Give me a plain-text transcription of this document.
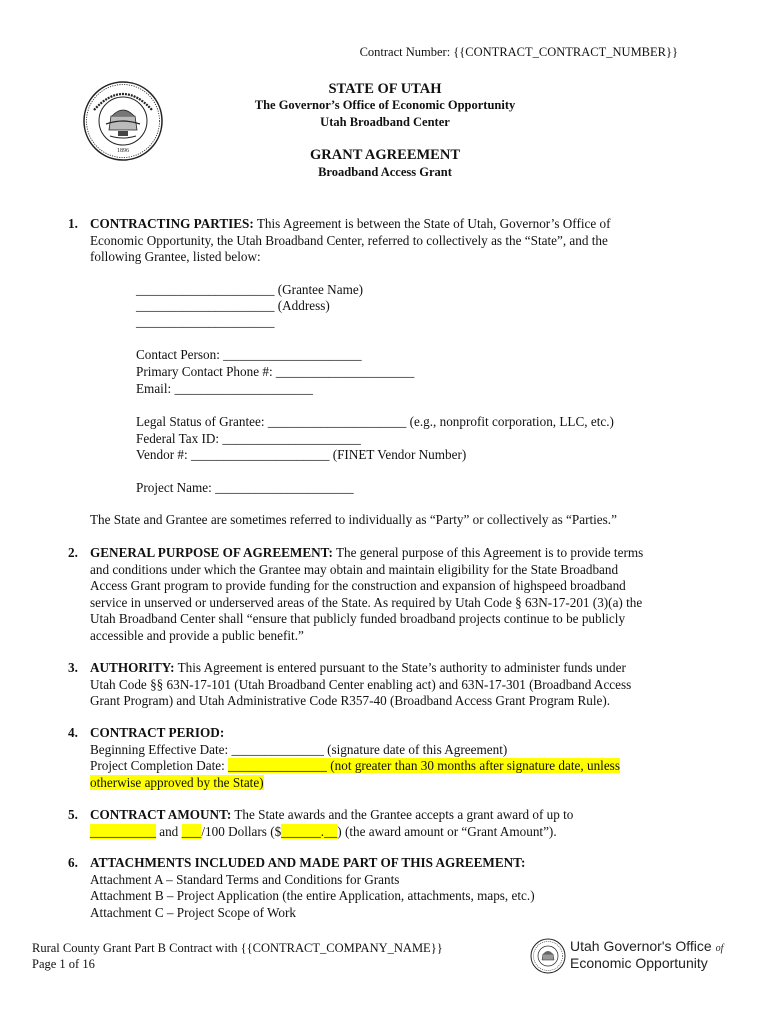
Contract Number: {{CONTRACT_CONTRACT_NUMBER}}
1896
STATE OF UTAH
The Governor’s Office of Economic Opportunity
Utah Broadband Center
GRANT AGREEMENT
Broadband Access Grant
1. CONTRACTING PARTIES: This Agreement is between the State of Utah, Governor’s Office of
Economic Opportunity, the Utah Broadband Center, referred to collectively as the “State”, and the
following Grantee, listed below:
_____________________ (Grantee Name)
_____________________ (Address)
_____________________
Contact Person: _____________________
Primary Contact Phone #: _____________________
Email: _____________________
Legal Status of Grantee: _____________________ (e.g., nonprofit corporation, LLC, etc.)
Federal Tax ID: _____________________
Vendor #: _____________________ (FINET Vendor Number)
Project Name: _____________________
The State and Grantee are sometimes referred to individually as “Party” or collectively as “Parties.”
2. GENERAL PURPOSE OF AGREEMENT: The general purpose of this Agreement is to provide terms
and conditions under which the Grantee may obtain and maintain eligibility for the State Broadband
Access Grant program to provide funding for the construction and expansion of highspeed broadband
service in unserved or underserved areas of the State. As required by Utah Code § 63N-17-201 (3)(a) the
Utah Broadband Center shall “ensure that publicly funded broadband projects continue to be publicly
accessible and provide a public benefit.”
3. AUTHORITY: This Agreement is entered pursuant to the State’s authority to administer funds under
Utah Code §§ 63N-17-101 (Utah Broadband Center enabling act) and 63N-17-301 (Broadband Access
Grant Program) and Utah Administrative Code R357-40 (Broadband Access Grant Program Rule).
4. CONTRACT PERIOD:
Beginning Effective Date: ______________ (signature date of this Agreement)
Project Completion Date: _______________ (not greater than 30 months after signature date, unless
otherwise approved by the State)
5. CONTRACT AMOUNT: The State awards and the Grantee accepts a grant award of up to
__________ and ___/100 Dollars ($______.__) (the award amount or “Grant Amount”).
6. ATTACHMENTS INCLUDED AND MADE PART OF THIS AGREEMENT:
Attachment A – Standard Terms and Conditions for Grants
Attachment B – Project Application (the entire Application, attachments, maps, etc.)
Attachment C – Project Scope of Work
Rural County Grant Part B Contract with {{CONTRACT_COMPANY_NAME}}
Page 1 of 16
Utah Governor's Office of
Economic Opportunity
